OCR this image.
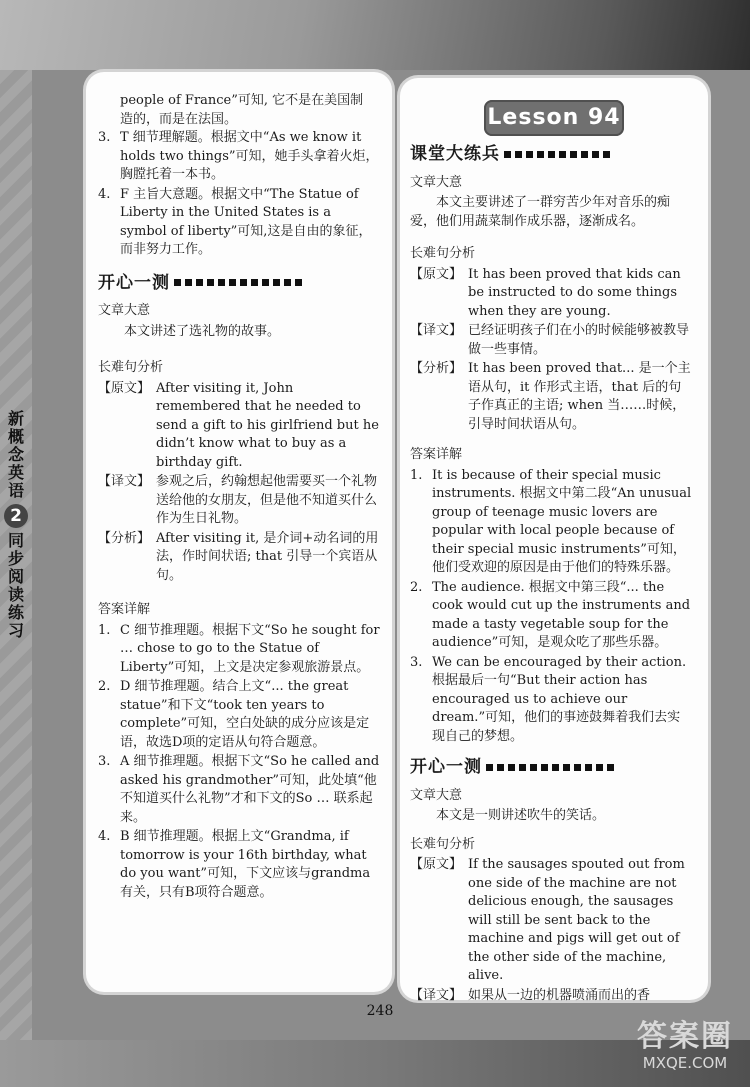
新概念英语
2
同步阅读练习
Lesson 94
people of France”可知, 它不是在美国制
造的，而是在法国。
3. T 细节理解题。根据文中“As we know it holds two things”可知，她手头拿着火炬，胸膛托着一本书。
4. F 主旨大意题。根据文中“The Statue of Liberty in the United States is a symbol of liberty”可知,这是自由的象征，而非努力工作。
开心一测
文章大意

本文讲述了选礼物的故事。

长难句分析
【原文】 After visiting it, John remembered that he needed to send a gift to his girlfriend but he didn’t know what to buy as a birthday gift.
【译文】 参观之后，约翰想起他需要买一个礼物送给他的女朋友，但是他不知道买什么作为生日礼物。
【分析】 After visiting it, 是介词+动名词的用法，作时间状语; that 引导一个宾语从句。
答案详解
1. C 细节推理题。根据下文“So he sought for … chose to go to the Statue of Liberty”可知，上文是决定参观旅游景点。
2. D 细节推理题。结合上文“... the great statue”和下文“took ten years to complete”可知，空白处缺的成分应该是定语，故选D项的定语从句符合题意。
3. A 细节推理题。根据下文“So he called and asked his grandmother”可知，此处填“他不知道买什么礼物”才和下文的So … 联系起来。
4. B 细节推理题。根据上文“Grandma, if tomorrow is your 16th birthday, what do you want”可知，下文应该与grandma有关，只有B项符合题意。
课堂大练兵
文章大意

本文主要讲述了一群穷苦少年对音乐的痴爱，他们用蔬菜制作成乐器，逐渐成名。

长难句分析
【原文】 It has been proved that kids can be instructed to do some things when they are young.
【译文】 已经证明孩子们在小的时候能够被教导做一些事情。
【分析】 It has been proved that... 是一个主语从句，it 作形式主语，that 后的句子作真正的主语; when 当……时候，引导时间状语从句。
答案详解
1. It is because of their special music instruments. 根据文中第二段“An unusual group of teenage music lovers are popular with local people because of their special music instruments”可知，他们受欢迎的原因是由于他们的特殊乐器。
2. The audience. 根据文中第三段“... the cook would cut up the instruments and made a tasty vegetable soup for the audience”可知，是观众吃了那些乐器。
3. We can be encouraged by their action. 根据最后一句“But their action has encouraged us to achieve our dream.”可知，他们的事迹鼓舞着我们去实现自己的梦想。
开心一测
文章大意

本文是一则讲述吹牛的笑话。

长难句分析
【原文】 If the sausages spouted out from one side of the machine are not delicious enough, the sausages will still be sent back to the machine and pigs will get out of the other side of the machine, alive.
【译文】 如果从一边的机器喷涌而出的香
248
答案圈
MXQE.COM
